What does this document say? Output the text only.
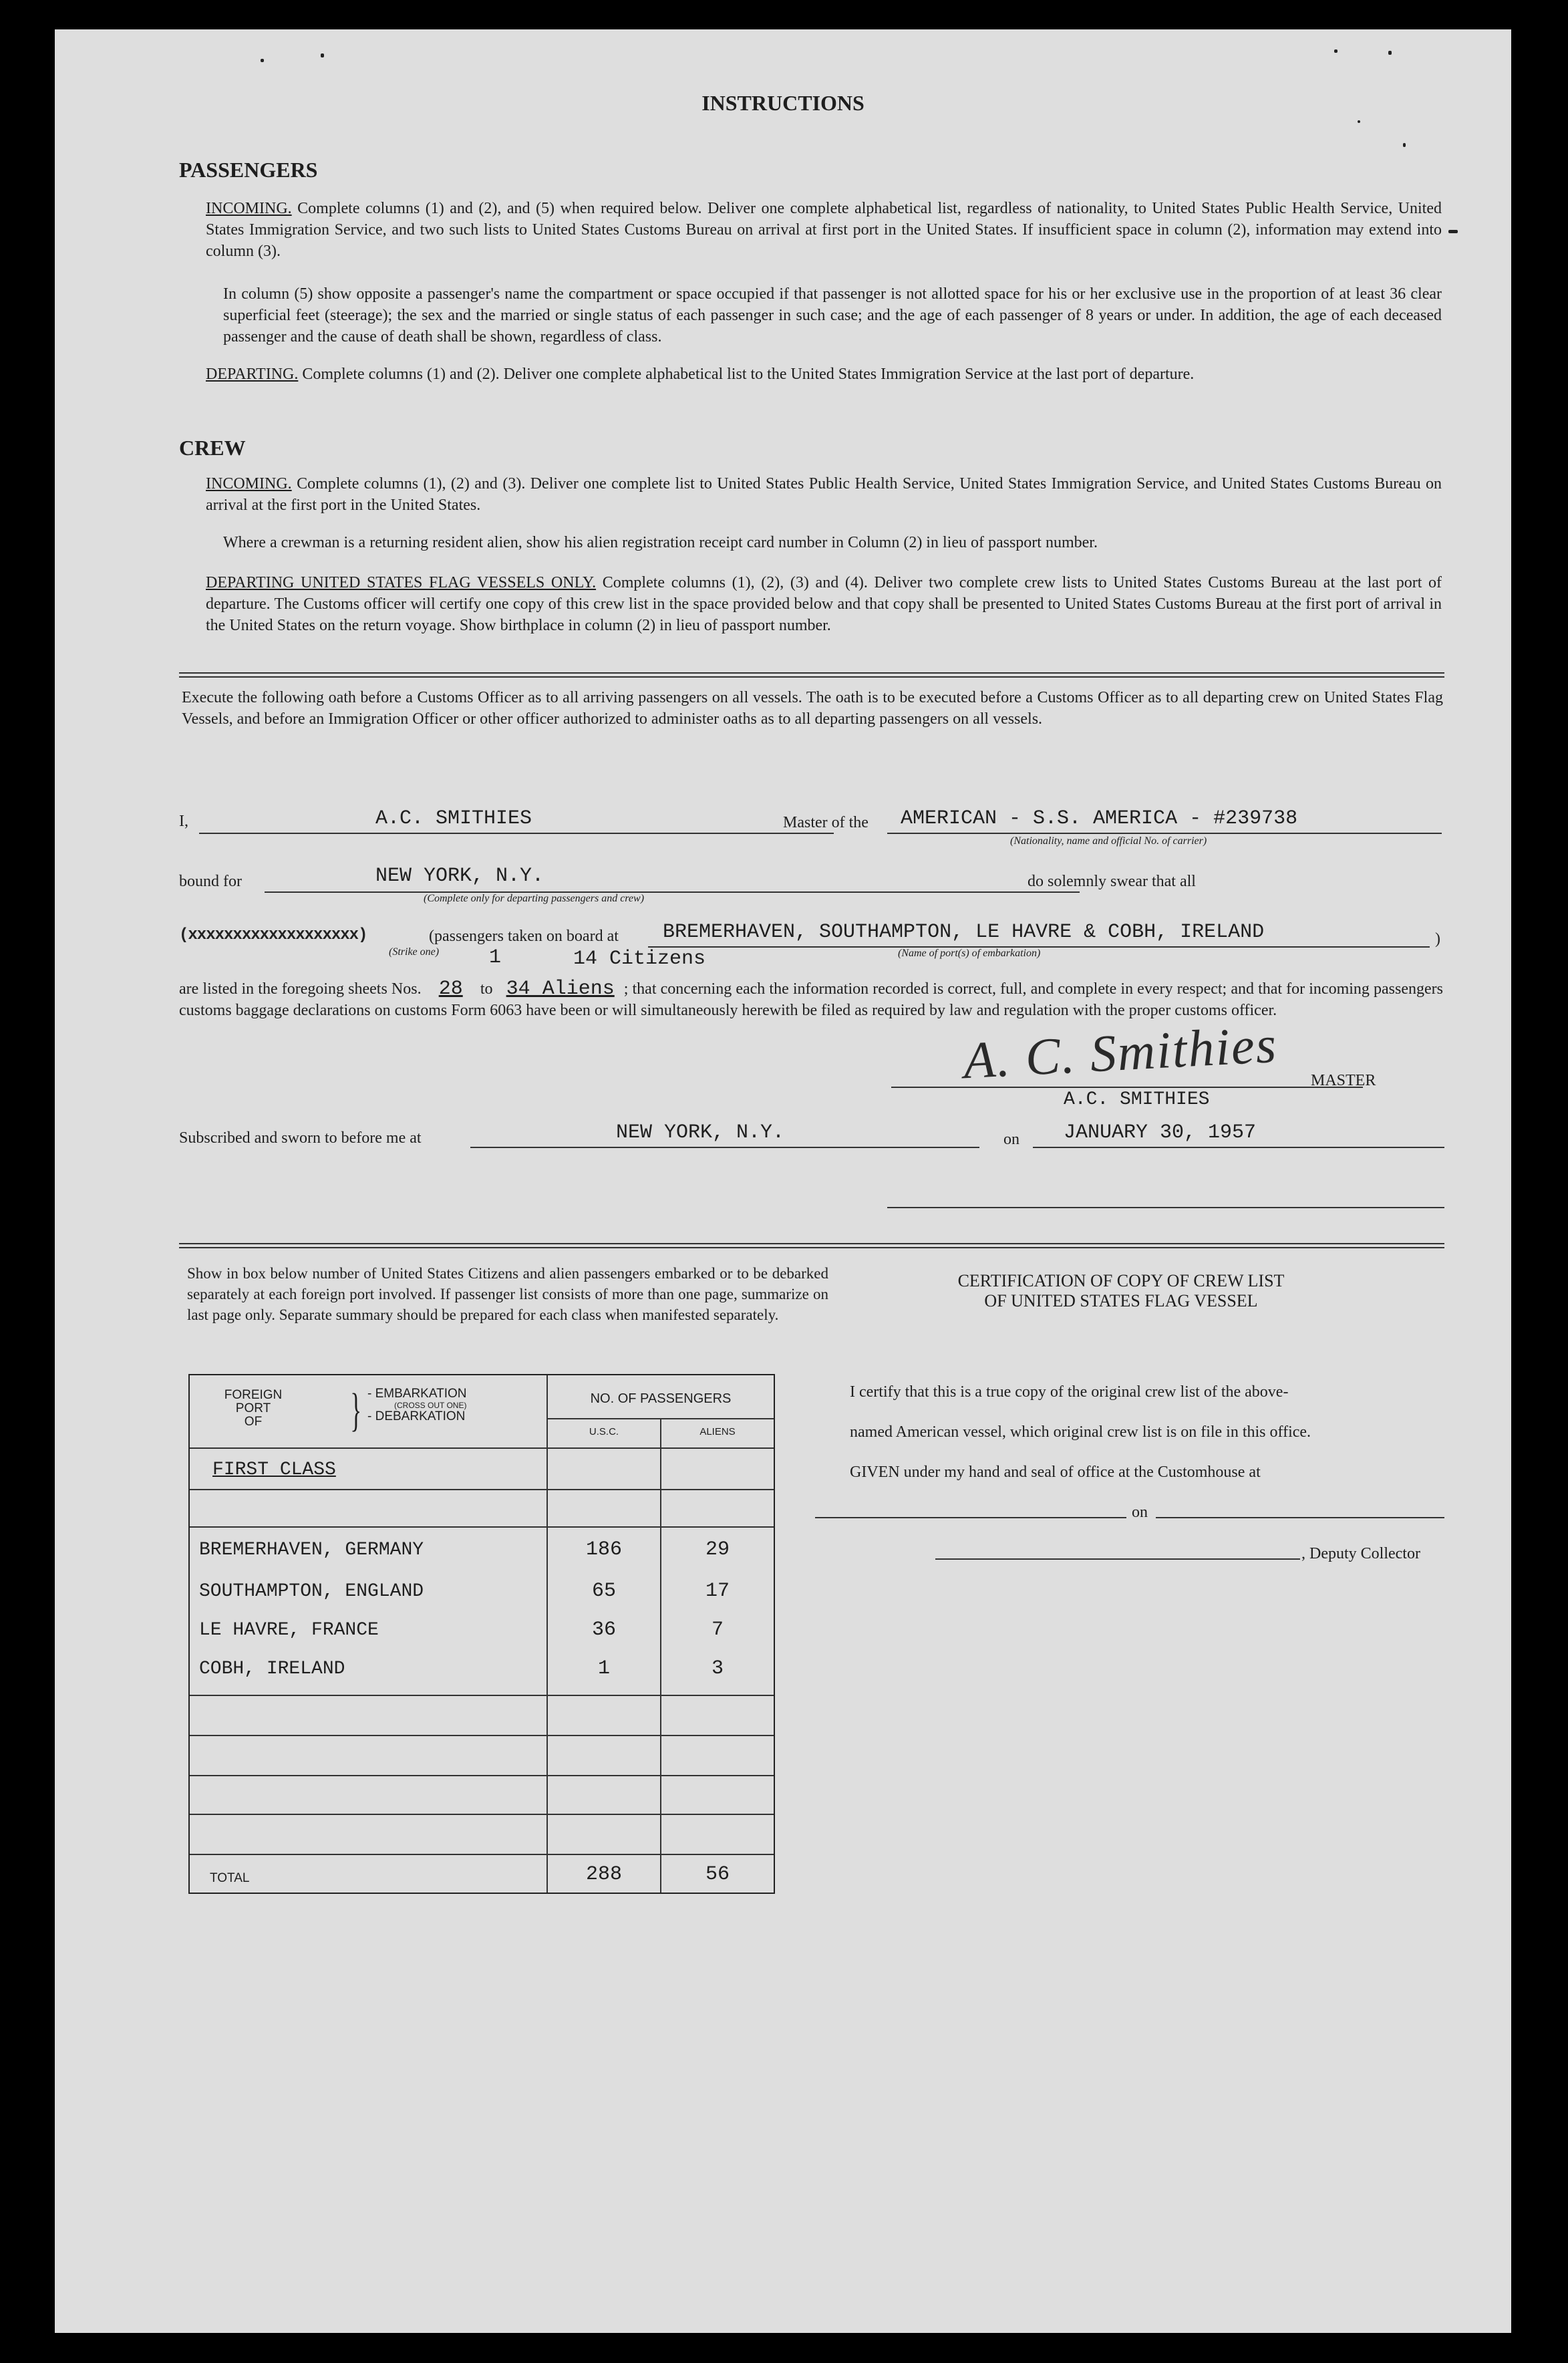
INSTRUCTIONS
PASSENGERS
INCOMING. Complete columns (1) and (2), and (5) when required below. Deliver one complete alphabetical list, regardless of nationality, to United States Public Health Service, United States Immigration Service, and two such lists to United States Customs Bureau on arrival at first port in the United States. If insufficient space in column (2), information may extend into column (3).
In column (5) show opposite a passenger's name the compartment or space occupied if that passenger is not allotted space for his or her exclusive use in the proportion of at least 36 clear superficial feet (steerage); the sex and the married or single status of each passenger in such case; and the age of each passenger of 8 years or under. In addition, the age of each deceased passenger and the cause of death shall be shown, regardless of class.
DEPARTING. Complete columns (1) and (2). Deliver one complete alphabetical list to the United States Immigration Service at the last port of departure.
CREW
INCOMING. Complete columns (1), (2) and (3). Deliver one complete list to United States Public Health Service, United States Immigration Service, and United States Customs Bureau on arrival at the first port in the United States.
Where a crewman is a returning resident alien, show his alien registration receipt card number in Column (2) in lieu of passport number.
DEPARTING UNITED STATES FLAG VESSELS ONLY. Complete columns (1), (2), (3) and (4). Deliver two complete crew lists to United States Customs Bureau at the last port of departure. The Customs officer will certify one copy of this crew list in the space provided below and that copy shall be presented to United States Customs Bureau at the first port of arrival in the United States on the return voyage. Show birthplace in column (2) in lieu of passport number.
Execute the following oath before a Customs Officer as to all arriving passengers on all vessels. The oath is to be executed before a Customs Officer as to all departing crew on United States Flag Vessels, and before an Immigration Officer or other officer authorized to administer oaths as to all departing passengers on all vessels.
I,	A.C. SMITHIES	Master of the AMERICAN - S.S. AMERICA - #239738
(Nationality, name and official No. of carrier)
bound for	NEW YORK, N.Y.
(Complete only for departing passengers and crew)
do solemnly swear that all
(xxxxxxxxxxxxxxxxxxx)
(Strike one)
(passengers taken on board at BREMERHAVEN, SOUTHAMPTON, LE HAVRE & COBH, IRELAND
(Name of port(s) of embarkation)
)
1	14 Citizens
are listed in the foregoing sheets Nos. 28 to 34 Aliens ; that concerning each the information recorded is correct, full, and complete in every respect; and that for incoming passengers customs baggage declarations on customs Form 6063 have been or will simultaneously herewith be filed as required by law and regulation with the proper customs officer.
A. C. Smithies MASTER
A.C. SMITHIES
Subscribed and sworn to before me at	NEW YORK, N.Y.	on JANUARY 30, 1957
Show in box below number of United States Citizens and alien passengers embarked or to be debarked separately at each foreign port involved. If passenger list consists of more than one page, summarize on last page only. Separate summary should be prepared for each class when manifested separately.
FOREIGN
PORT
OF	} - EMBARKATION
(CROSS OUT ONE)
- DEBARKATION
NO. OF PASSENGERS
U.S.C.	ALIENS
FIRST CLASS
BREMERHAVEN, GERMANY	186	29
SOUTHAMPTON, ENGLAND	65	17
LE HAVRE, FRANCE	36	7
COBH, IRELAND	1	3
TOTAL	288	56
CERTIFICATION OF COPY OF CREW LIST
OF UNITED STATES FLAG VESSEL
I certify that this is a true copy of the original crew list of the above-
named American vessel, which original crew list is on file in this office.
GIVEN under my hand and seal of office at the Customhouse at
on
, Deputy Collector
